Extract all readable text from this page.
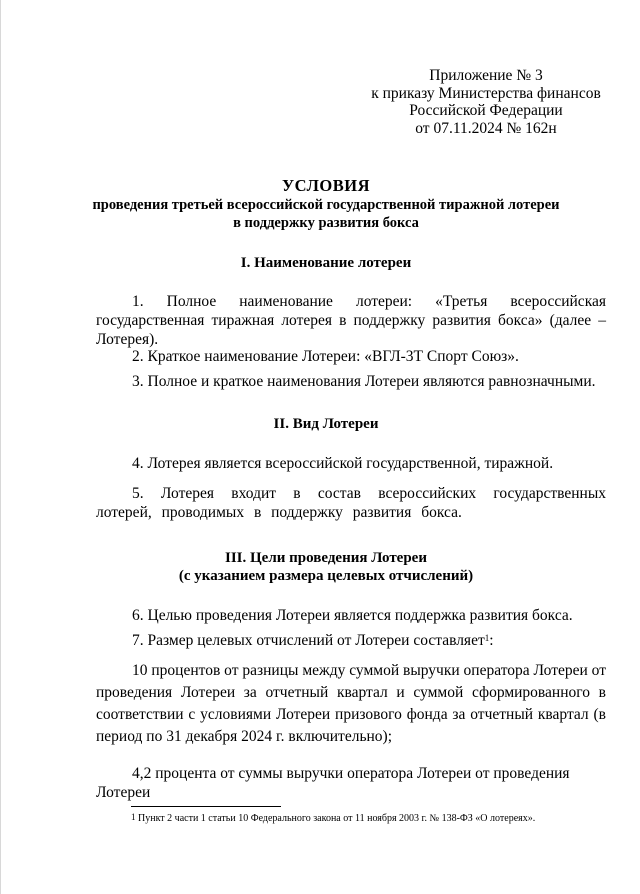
Приложение № 3
к приказу Министерства финансов
Российской Федерации
от 07.11.2024 № 162н
УСЛОВИЯ
проведения третьей всероссийской государственной тиражной лотереи
в поддержку развития бокса
I. Наименование лотереи
1. Полное наименование лотереи: «Третья всероссийская государственная тиражная лотерея в поддержку развития бокса» (далее – Лотерея).
2. Краткое наименование Лотереи: «ВГЛ-3Т Спорт Союз».
3. Полное и краткое наименования Лотереи являются равнозначными.
II. Вид Лотереи
4. Лотерея является всероссийской государственной, тиражной.
5. Лотерея входит в состав всероссийских государственных лотерей, проводимых в поддержку развития бокса.
III. Цели проведения Лотереи
(с указанием размера целевых отчислений)
6. Целью проведения Лотереи является поддержка развития бокса.
7. Размер целевых отчислений от Лотереи составляет$^1$:
10 процентов от разницы между суммой выручки оператора Лотереи от проведения Лотереи за отчетный квартал и суммой сформированного в соответствии с условиями Лотереи призового фонда за отчетный квартал (в период по 31 декабря 2024 г. включительно);
4,2 процента от суммы выручки оператора Лотереи от проведения Лотереи
$^1$ Пункт 2 части 1 статьи 10 Федерального закона от 11 ноября 2003 г. № 138-ФЗ «О лотереях».
